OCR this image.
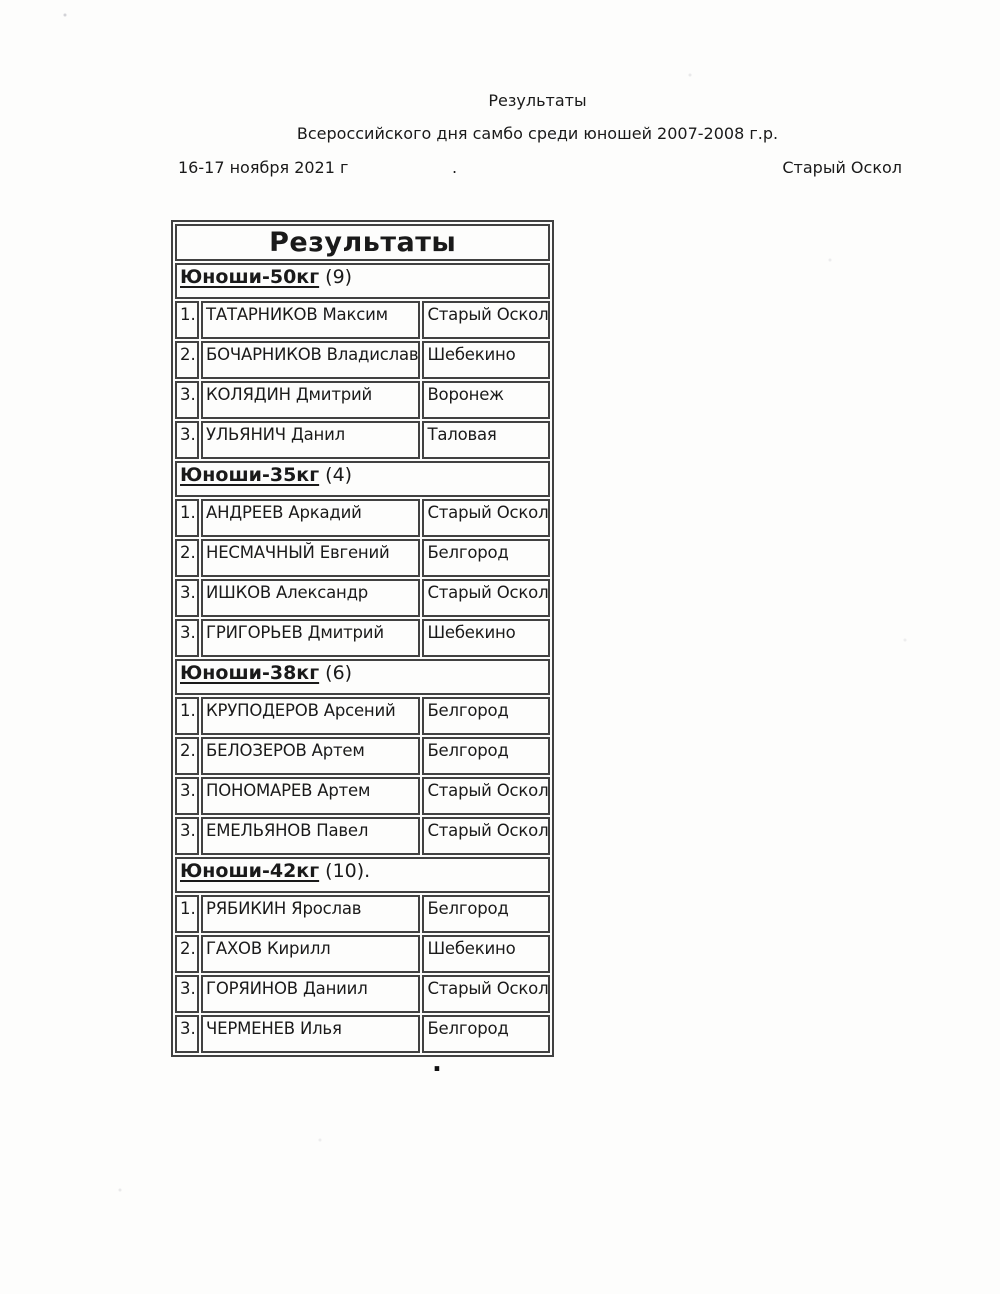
Результаты
Всероссийского дня самбо среди юношей 2007-2008 г.р.
16-17 ноября 2021 г	.	Старый Оскол
Результаты		
Юноши-50кг (9)		
1.	ТАТАРНИКОВ Максим	Старый Оскол
2.	БОЧАРНИКОВ Владислав	Шебекино
3.	КОЛЯДИН Дмитрий	Воронеж
3.	УЛЬЯНИЧ Данил	Таловая
Юноши-35кг (4)		
1.	АНДРЕЕВ Аркадий	Старый Оскол
2.	НЕСМАЧНЫЙ Евгений	Белгород
3.	ИШКОВ Александр	Старый Оскол
3.	ГРИГОРЬЕВ Дмитрий	Шебекино
Юноши-38кг (6)		
1.	КРУПОДЕРОВ Арсений	Белгород
2.	БЕЛОЗЕРОВ Артем	Белгород
3.	ПОНОМАРЕВ Артем	Старый Оскол
3.	ЕМЕЛЬЯНОВ Павел	Старый Оскол
Юноши-42кг (10).		
1.	РЯБИКИН Ярослав	Белгород
2.	ГАХОВ Кирилл	Шебекино
3.	ГОРЯИНОВ Даниил	Старый Оскол
3.	ЧЕРМЕНЕВ Илья	Белгород
.
